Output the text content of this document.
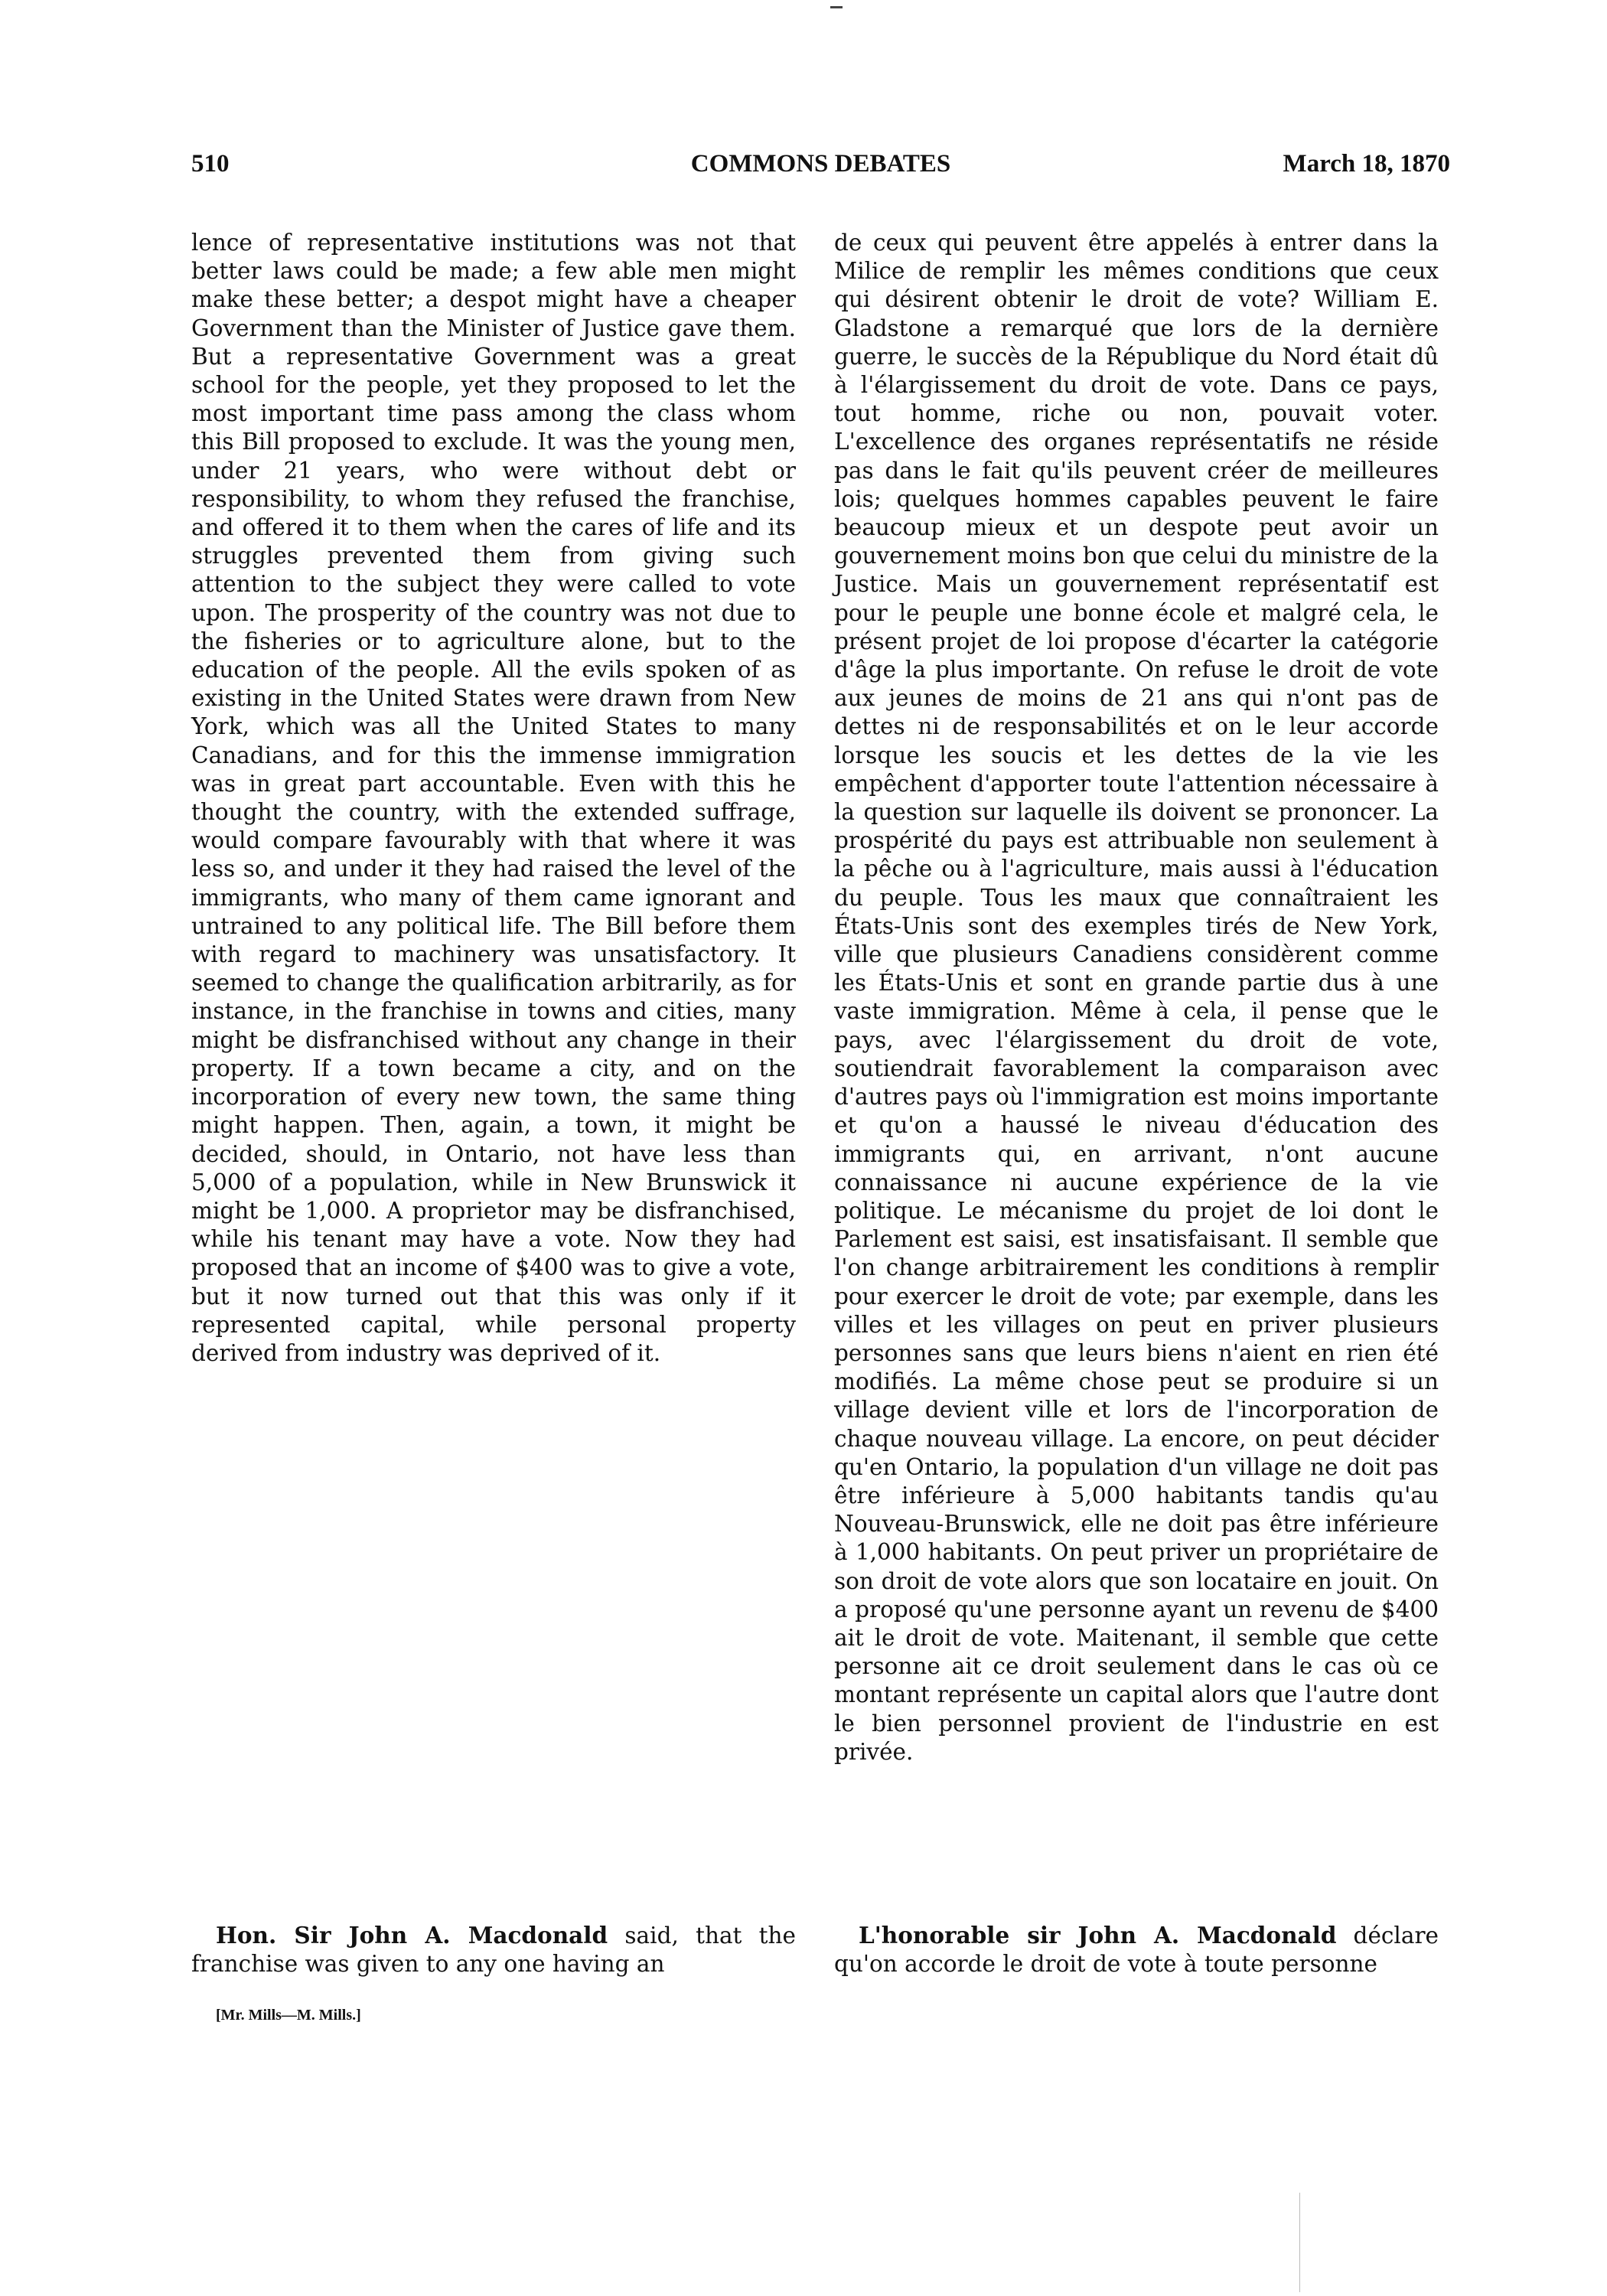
510	COMMONS DEBATES	March 18, 1870

lence of representative institutions was not that better laws could be made; a few able men might make these better; a despot might have a cheaper Government than the Minister of Justice gave them. But a representative Government was a great school for the people, yet they proposed to let the most important time pass among the class whom this Bill proposed to exclude. It was the young men, under 21 years, who were without debt or responsibility, to whom they refused the franchise, and offered it to them when the cares of life and its struggles prevented them from giving such attention to the subject they were called to vote upon. The prosperity of the country was not due to the fisheries or to agriculture alone, but to the education of the people. All the evils spoken of as existing in the United States were drawn from New York, which was all the United States to many Canadians, and for this the immense immigration was in great part accountable. Even with this he thought the country, with the extended suffrage, would compare favourably with that where it was less so, and under it they had raised the level of the immigrants, who many of them came ignorant and untrained to any political life. The Bill before them with regard to machinery was unsatisfactory. It seemed to change the qualification arbitrarily, as for instance, in the franchise in towns and cities, many might be disfranchised without any change in their property. If a town became a city, and on the incorporation of every new town, the same thing might happen. Then, again, a town, it might be decided, should, in Ontario, not have less than 5,000 of a population, while in New Brunswick it might be 1,000. A proprietor may be disfranchised, while his tenant may have a vote. Now they had proposed that an income of $400 was to give a vote, but it now turned out that this was only if it represented capital, while personal property derived from industry was deprived of it.

de ceux qui peuvent être appelés à entrer dans la Milice de remplir les mêmes conditions que ceux qui désirent obtenir le droit de vote? William E. Gladstone a remarqué que lors de la dernière guerre, le succès de la République du Nord était dû à l'élargissement du droit de vote. Dans ce pays, tout homme, riche ou non, pouvait voter. L'excellence des organes représentatifs ne réside pas dans le fait qu'ils peuvent créer de meilleures lois; quelques hommes capables peuvent le faire beaucoup mieux et un despote peut avoir un gouvernement moins bon que celui du ministre de la Justice. Mais un gouvernement représentatif est pour le peuple une bonne école et malgré cela, le présent projet de loi propose d'écarter la catégorie d'âge la plus importante. On refuse le droit de vote aux jeunes de moins de 21 ans qui n'ont pas de dettes ni de responsabilités et on le leur accorde lorsque les soucis et les dettes de la vie les empêchent d'apporter toute l'attention nécessaire à la question sur laquelle ils doivent se prononcer. La prospérité du pays est attribuable non seulement à la pêche ou à l'agriculture, mais aussi à l'éducation du peuple. Tous les maux que connaîtraient les États-Unis sont des exemples tirés de New York, ville que plusieurs Canadiens considèrent comme les États-Unis et sont en grande partie dus à une vaste immigration. Même à cela, il pense que le pays, avec l'élargissement du droit de vote, soutiendrait favorablement la comparaison avec d'autres pays où l'immigration est moins importante et qu'on a haussé le niveau d'éducation des immigrants qui, en arrivant, n'ont aucune connaissance ni aucune expérience de la vie politique. Le mécanisme du projet de loi dont le Parlement est saisi, est insatisfaisant. Il semble que l'on change arbitrairement les conditions à remplir pour exercer le droit de vote; par exemple, dans les villes et les villages on peut en priver plusieurs personnes sans que leurs biens n'aient en rien été modifiés. La même chose peut se produire si un village devient ville et lors de l'incorporation de chaque nouveau village. La encore, on peut décider qu'en Ontario, la population d'un village ne doit pas être inférieure à 5,000 habitants tandis qu'au Nouveau-Brunswick, elle ne doit pas être inférieure à 1,000 habitants. On peut priver un propriétaire de son droit de vote alors que son locataire en jouit. On a proposé qu'une personne ayant un revenu de $400 ait le droit de vote. Maitenant, il semble que cette personne ait ce droit seulement dans le cas où ce montant représente un capital alors que l'autre dont le bien personnel provient de l'industrie en est privée.

Hon. Sir John A. Macdonald said, that the franchise was given to any one having an

[Mr. Mills—M. Mills.]

L'honorable sir John A. Macdonald déclare qu'on accorde le droit de vote à toute personne
